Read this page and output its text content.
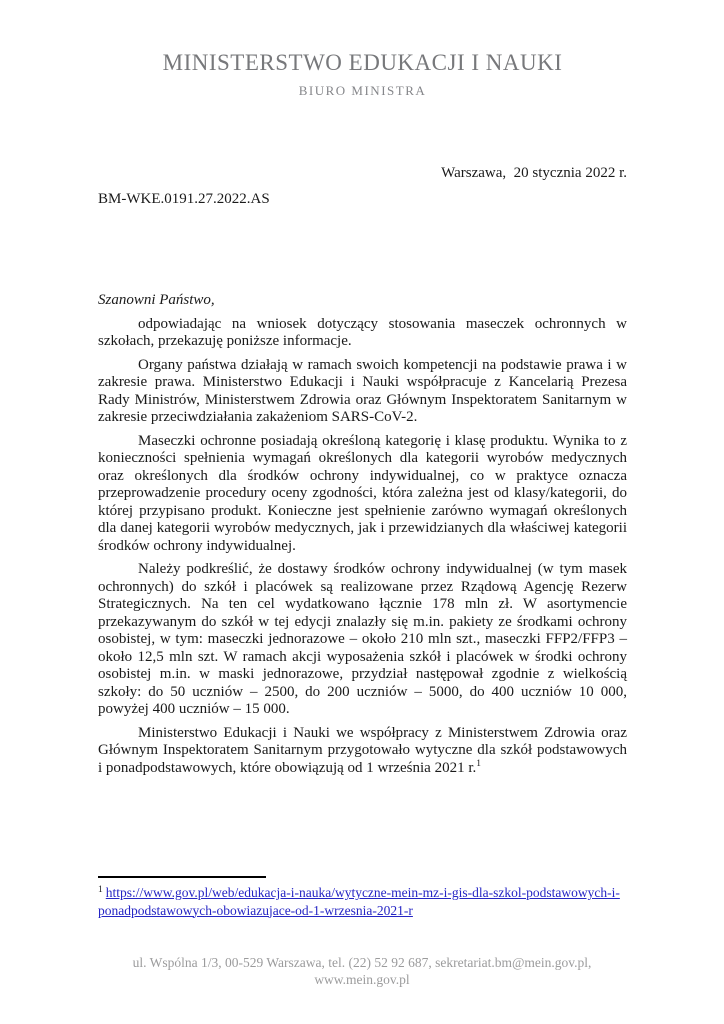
MINISTERSTWO EDUKACJI I NAUKI
BIURO MINISTRA
Warszawa,  20 stycznia 2022 r.
BM-WKE.0191.27.2022.AS

Szanowni Państwo,

odpowiadając na wniosek dotyczący stosowania maseczek ochronnych w szkołach, przekazuję poniższe informacje.

Organy państwa działają w ramach swoich kompetencji na podstawie prawa i w zakresie prawa. Ministerstwo Edukacji i Nauki współpracuje z Kancelarią Prezesa Rady Ministrów, Ministerstwem Zdrowia oraz Głównym Inspektoratem Sanitarnym w zakresie przeciwdziałania zakażeniom SARS-CoV-2.

Maseczki ochronne posiadają określoną kategorię i klasę produktu. Wynika to z konieczności spełnienia wymagań określonych dla kategorii wyrobów medycznych oraz określonych dla środków ochrony indywidualnej, co w praktyce oznacza przeprowadzenie procedury oceny zgodności, która zależna jest od klasy/kategorii, do której przypisano produkt. Konieczne jest spełnienie zarówno wymagań określonych dla danej kategorii wyrobów medycznych, jak i przewidzianych dla właściwej kategorii środków ochrony indywidualnej.

Należy podkreślić, że dostawy środków ochrony indywidualnej (w tym masek ochronnych) do szkół i placówek są realizowane przez Rządową Agencję Rezerw Strategicznych. Na ten cel wydatkowano łącznie 178 mln zł. W asortymencie przekazywanym do szkół w tej edycji znalazły się m.in. pakiety ze środkami ochrony osobistej, w tym: maseczki jednorazowe – około 210 mln szt., maseczki FFP2/FFP3 – około 12,5 mln szt. W ramach akcji wyposażenia szkół i placówek w środki ochrony osobistej m.in. w maski jednorazowe, przydział następował zgodnie z wielkością szkoły: do 50 uczniów – 2500, do 200 uczniów – 5000, do 400 uczniów 10 000, powyżej 400 uczniów – 15 000.

Ministerstwo Edukacji i Nauki we współpracy z Ministerstwem Zdrowia oraz Głównym Inspektoratem Sanitarnym przygotowało wytyczne dla szkół podstawowych i ponadpodstawowych, które obowiązują od 1 września 2021 r.$^1$

$^1$ https://www.gov.pl/web/edukacja-i-nauka/wytyczne-mein-mz-i-gis-dla-szkol-podstawowych-i-ponadpodstawowych-obowiazujace-od-1-wrzesnia-2021-r

ul. Wspólna 1/3, 00-529 Warszawa, tel. (22) 52 92 687, sekretariat.bm@mein.gov.pl,
www.mein.gov.pl
